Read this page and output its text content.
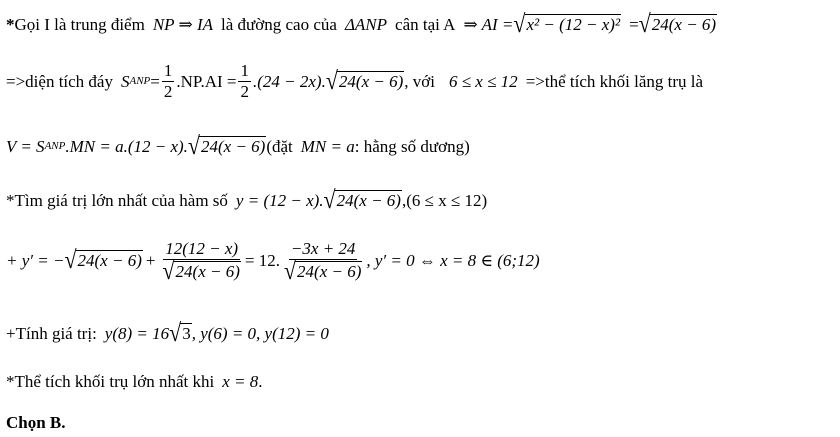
* Gọi I là trung điểm NP ⇒ IA là đường cao của ΔANP cân tại A ⇒ AI = √ x² − (12 − x)² = √ 24(x − 6)
=>diện tích đáy S ANP = $\frac{1}{2} .NP.AI = \frac{1}{2} .(24 - 2x)$. √ 24(x − 6) , với 6 ≤ x ≤ 12 =>thể tích khối lăng trụ là
V = S ANP .MN = a.(12 − x). √ 24(x − 6) (đặt MN = a : hằng số dương)
*Tìm giá trị lớn nhất của hàm số y = (12 − x). √ 24(x − 6) ,(6 ≤ x ≤ 12)
+ y′ = − √ $24(x - 6) + \frac{12(12 - x)}{√ 24(x - 6)} = 12$. $\frac{-3x + 24}{√ 24(x - 6)}$ , y′ = 0 ⇔ x = 8 ∈ (6;12)
+Tính giá trị: y(8) = 16 √ 3 , y(6) = 0, y(12) = 0
*Thể tích khối trụ lớn nhất khi x = 8 .
Chọn B.
